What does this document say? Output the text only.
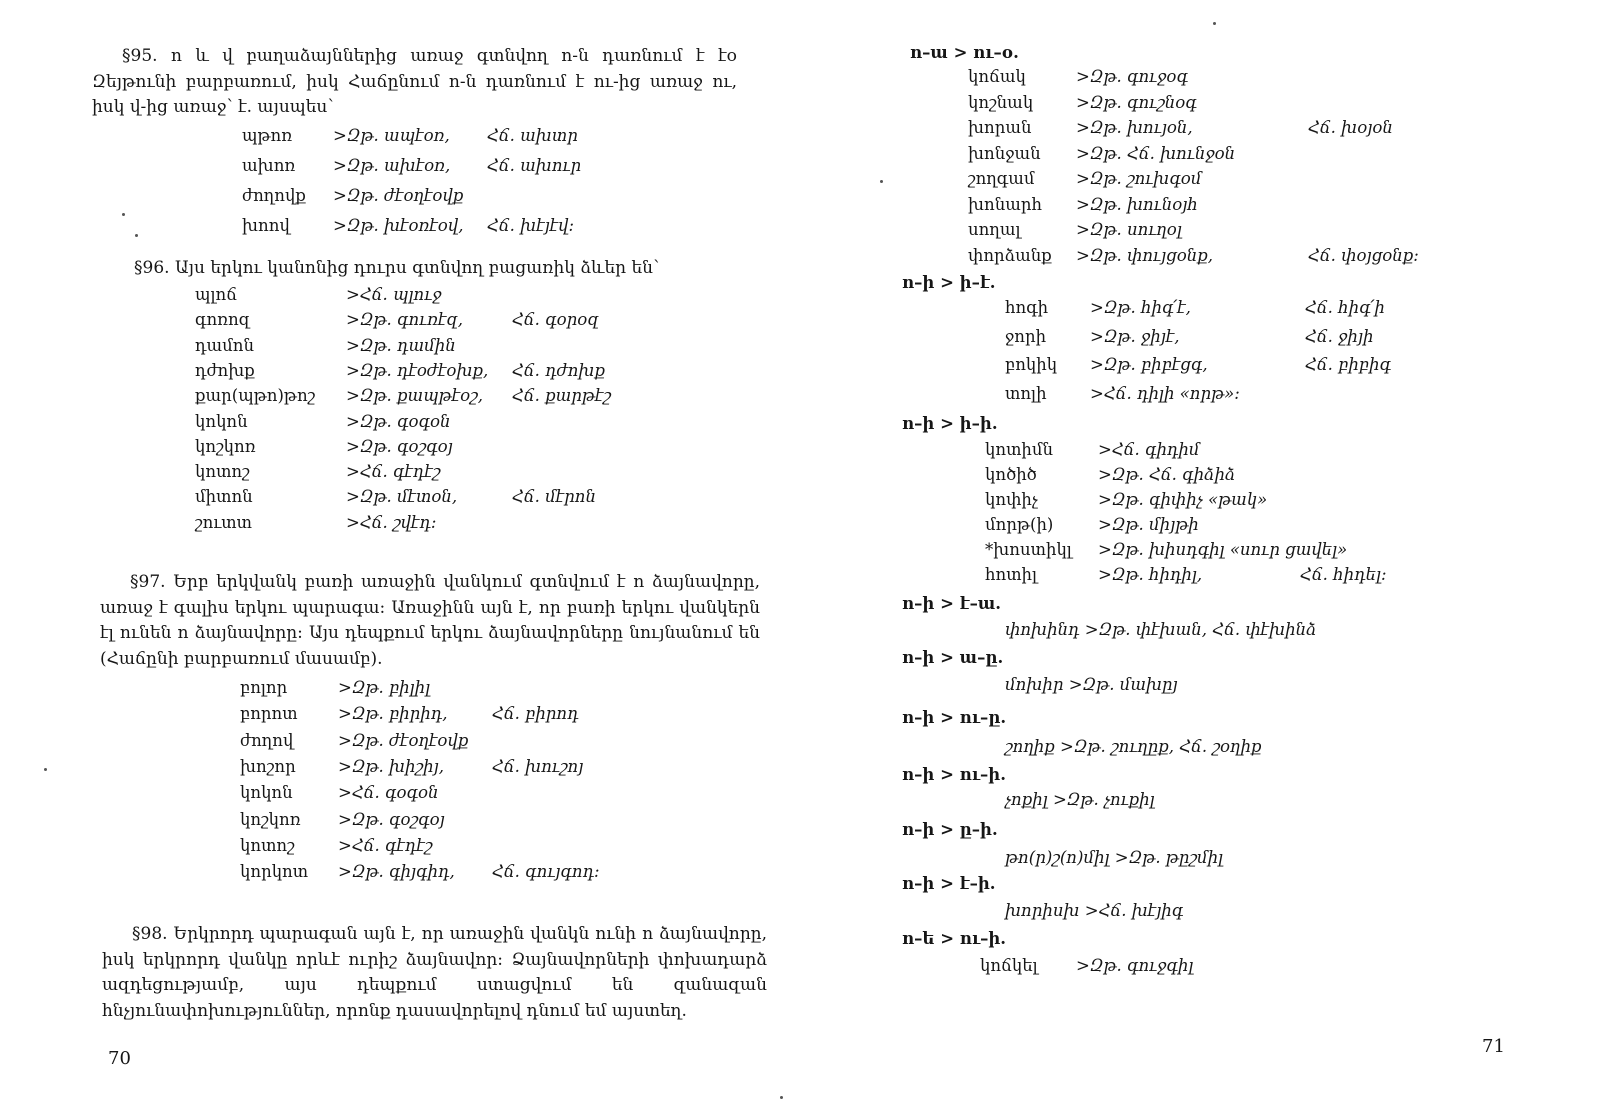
§95. n և վ բաղաձայններից առաջ գտնվող ո-ն դառնում է էօ Զեյթունի բարբառում, իսկ Հաճընում ո-ն դառնում է ու-ից առաջ ու, իսկ վ-ից առաջ՝ է. այսպես՝

պթոռ >Զթ. ապէօռ, Հճ. ախտր
ախոռ >Զթ. ախէօռ, Հճ. ախուր
ժողովք >Զթ. ժէօղէօվք
խոով	>Զթ. խէօռէօվ, Հճ. խէյէվ:

§96. Այս երկու կանոնից դուրս գտնվող բացառիկ ձևեր են՝

պլոճ	>Հճ. պլուջ
գոռոզ	>Զթ. գուռէզ,	Հճ. գօրօզ
դամոն	>Զթ. դամին
դժոխք	>Զթ. դէօժէօխք, Հճ. դժոխք
քար(պթո)թոշ >Զթ. քապթէօշ, Հճ. քարթէշ
կոկոն	>Զթ. գօգօն
կոշկոռ	>Զթ. գօշգօյ
կոտոշ	>Հճ. գէդէշ
միտոն	>Զթ. մէտօն,	Հճ. մէրոն
շուտտ	>Հճ. շվէդ:

§97. Երբ երկվանկ բառի առաջին վանկում գտնվում է ո ձայնավորը, առաջ է գալիս երկու պարագա: Առաջինն այն է, որ բառի երկու վանկերն էլ ունեն ո ձայնավորը: Այս դեպքում երկու ձայնավորները նույնանում են (Հաճընի բարբառում մասամբ).

բոլոր	>Զթ. բիլիլ
բորոտ >Զթ. բիրիդ,	Հճ. բիրոդ
ժողով	>Զթ. ժէօղէօվք
խոշոր	>Զթ. խիշիյ,	Հճ. խուշոյ
կոկոն	>Հճ. գօգօն
կոշկոռ >Զթ. գօշգօյ
կոտոշ	>Հճ. գէդէշ
կորկոտ >Զթ. գիյգիդ, Հճ. գույգոդ:

§98. Երկրորդ պարագան այն է, որ առաջին վանկն ունի ո ձայնավորը, իսկ երկրորդ վանկը որևէ ուրիշ ձայնավոր: Ձայնավորների փոխադարձ ազդեցությամբ, այս դեպքում ստացվում են զանազան հնչյունափոխություններ, որոնք դասավորելով դնում եմ այստեղ.

70
ո–ա > ու–օ.
կոճակ	>Զթ. գուջօգ
կոշնակ	>Զթ. գուշնօգ
խորան	>Զթ. խույօն,	Հճ. խօյօն
խոնջան >Զթ. Հճ. խունջօն
շողգամ	>Զթ. շուխգօմ
խոնարհ >Զթ. խունօյհ
սողալ	>Զթ. սուղօլ
փորձանք >Զթ. փույցօնք,	Հճ. փօյցօնք:
ո–ի > ի–է.
հոգի	>Զթ. հիգ՛է,	Հճ. հիգ՛ի
ջորի	>Զթ. ջիյէ,	Հճ. ջիյի
բոկիկ >Զթ. բիբէցգ,	Հճ. բիբիգ
տոլի	>Հճ. դիլի «որթ»:
ո–ի > ի–ի.
կոտիմն	>Հճ. գիդիմ
կոծիծ	>Զթ. Հճ. գիձիձ
կոփիչ	>Զթ. գիփիչ «թակ»
մորթ(ի)	>Զթ. միյթի
*խոստիկլ >Զթ. խիսդգիլ «սուր ցավել»
հոտիլ	>Զթ. հիդիլ,	Հճ. հիդել:
ո–ի > է–ա.
փոխինդ >Զթ. փէխան, Հճ. փէխինձ
ո–ի > ա–ը.
մոխիր >Զթ. մախըյ
ո–ի > ու–ը.
շողիք >Զթ. շուղըք, Հճ. շօղիք
ո–ի > ու–ի.
չոքիլ >Զթ. չուքիլ
ո–ի > ը–ի.
թո(ր)շ(ո)միլ >Զթ. թըշմիլ
ո–ի > է–ի.
խորիսխ >Հճ. խէյիգ
ո–ե > ու–ի.
կոճկել >Զթ. գուջգիլ
71
